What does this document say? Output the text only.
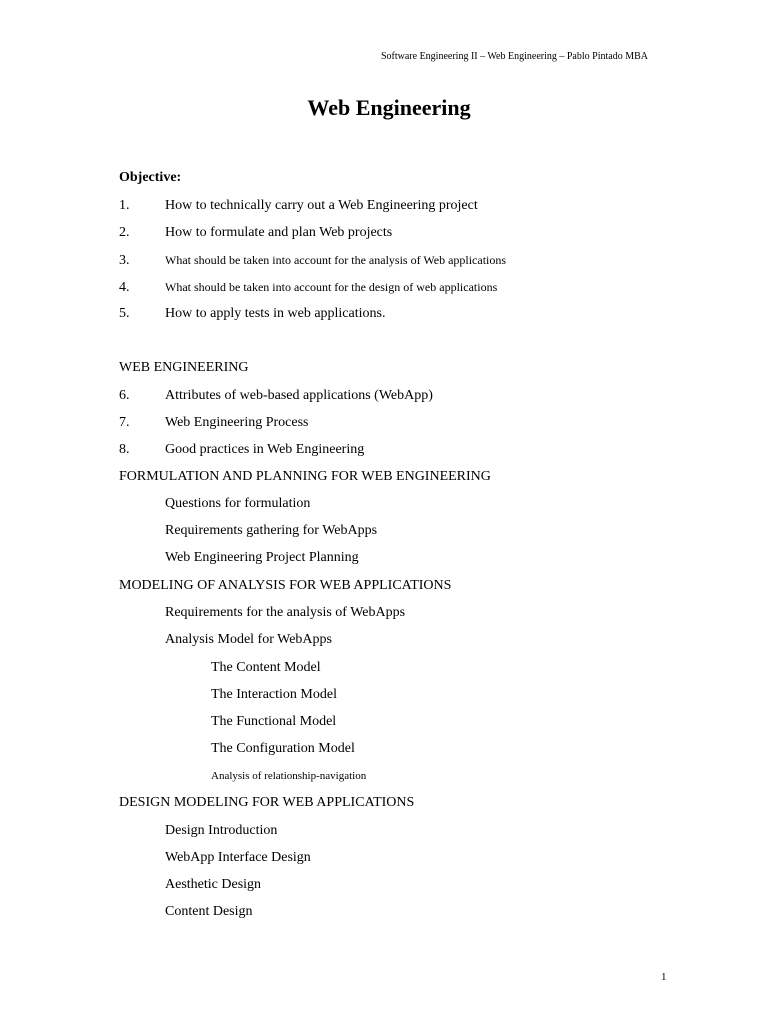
Software Engineering II – Web Engineering – Pablo Pintado MBA
Web Engineering
Objective:
1.	How to technically carry out a Web Engineering project
2.	How to formulate and plan Web projects
3.	What should be taken into account for the analysis of Web applications
4.	What should be taken into account for the design of web applications
5.	How to apply tests in web applications.
WEB ENGINEERING
6.	Attributes of web-based applications (WebApp)
7.	Web Engineering Process
8.	Good practices in Web Engineering
FORMULATION AND PLANNING FOR WEB ENGINEERING
Questions for formulation
Requirements gathering for WebApps
Web Engineering Project Planning
MODELING OF ANALYSIS FOR WEB APPLICATIONS
Requirements for the analysis of WebApps
Analysis Model for WebApps
The Content Model
The Interaction Model
The Functional Model
The Configuration Model
Analysis of relationship-navigation
DESIGN MODELING FOR WEB APPLICATIONS
Design Introduction
WebApp Interface Design
Aesthetic Design
Content Design
1
